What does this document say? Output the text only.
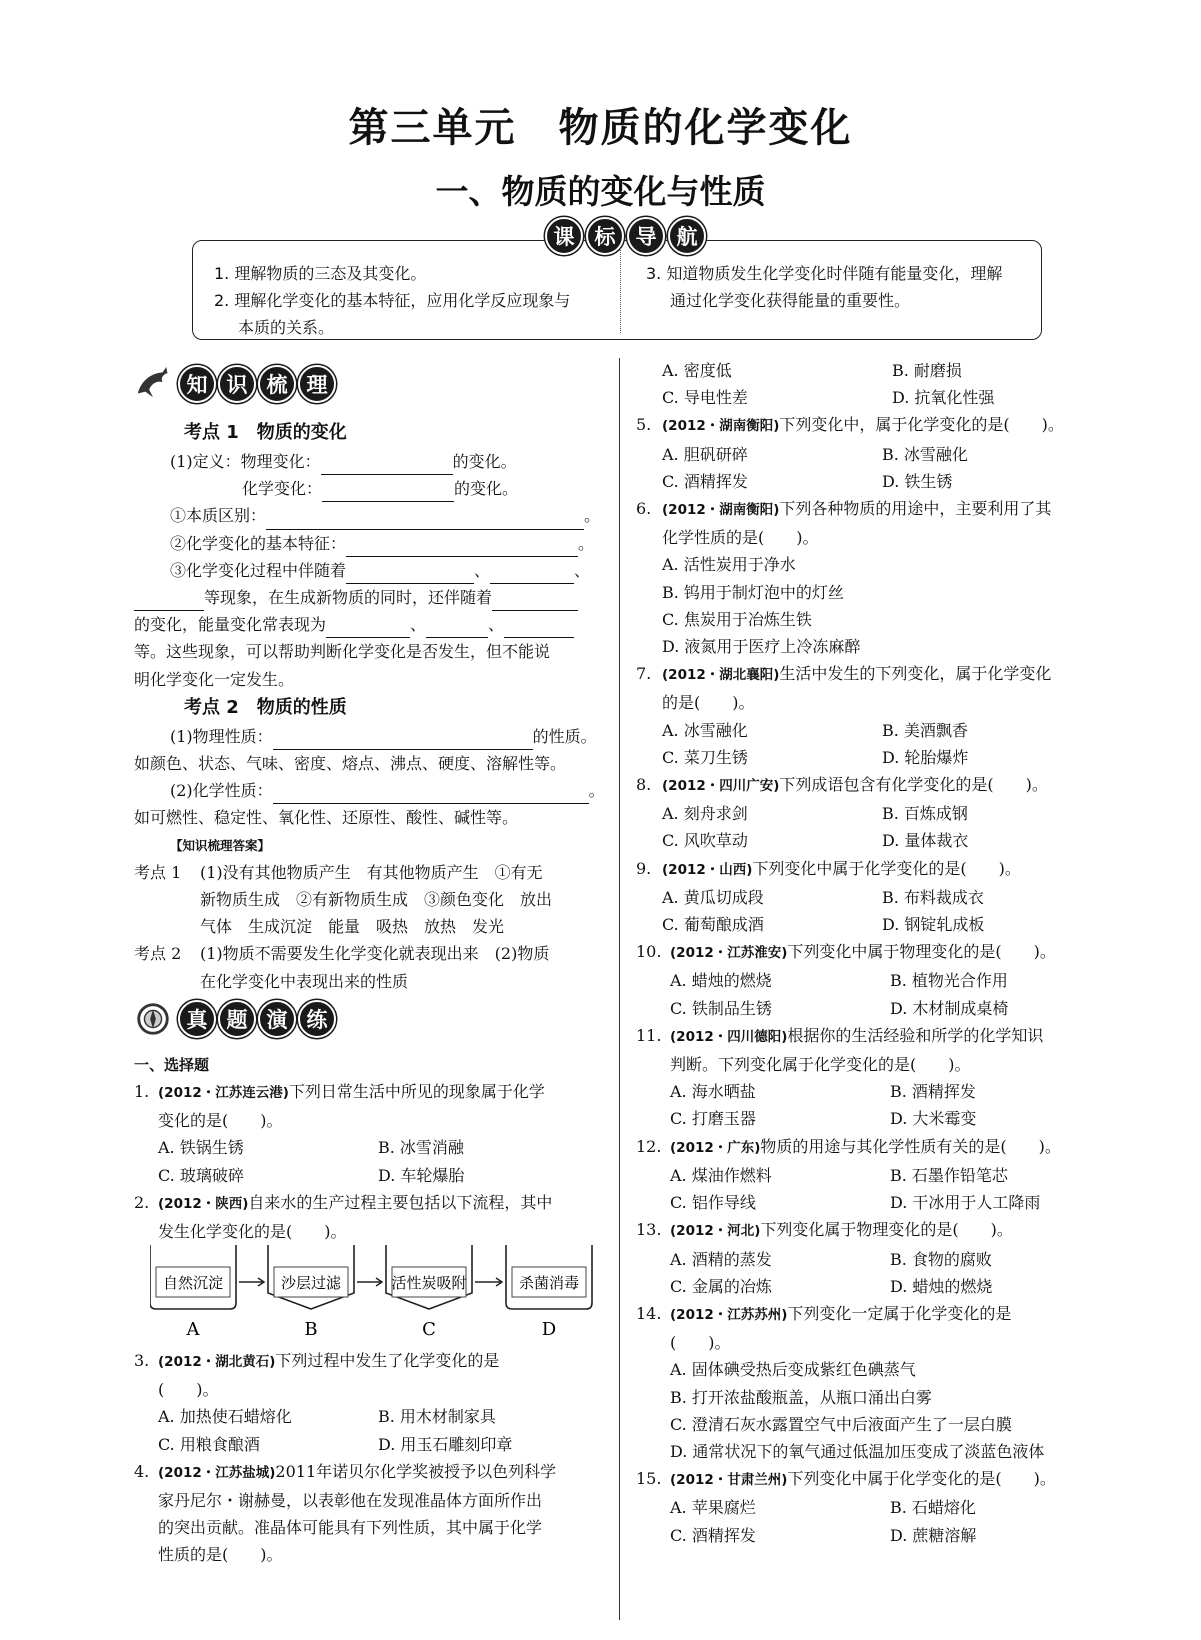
第三单元　物质的化学变化
一、物质的变化与性质
课 标 导 航

1. 理解物质的三态及其变化。

2. 理解化学变化的基本特征，应用化学反应现象与

本质的关系。

3. 知道物质发生化学变化时伴随有能量变化，理解

通过化学变化获得能量的重要性。

知 识 梳 理

考点 1　物质的变化

(1)定义：物理变化：	的变化。

化学变化：	的变化。

①本质区别：	。

②化学变化的基本特征：	。

③化学变化过程中伴随着	、	、

等现象，在生成新物质的同时，还伴随着

的变化，能量变化常表现为	、	、

等。这些现象，可以帮助判断化学变化是否发生，但不能说

明化学变化一定发生。

考点 2　物质的性质

(1)物理性质：	的性质。

如颜色、状态、气味、密度、熔点、沸点、硬度、溶解性等。

(2)化学性质：	。

如可燃性、稳定性、氧化性、还原性、酸性、碱性等。

【知识梳理答案】

考点 1 (1)没有其他物质产生　有其他物质产生　①有无

新物质生成　②有新物质生成　③颜色变化　放出

气体　生成沉淀　能量　吸热　放热　发光

考点 2 (1)物质不需要发生化学变化就表现出来　(2)物质

在化学变化中表现出来的性质

真 题 演 练
一、选择题

1. (2012・江苏连云港)下列日常生活中所见的现象属于化学

变化的是(　　)。

A. 铁锅生锈	B. 冰雪消融

C. 玻璃破碎	D. 车轮爆胎

2. (2012・陕西)自来水的生产过程主要包括以下流程，其中

发生化学变化的是(　　)。

自然沉淀
A
沙层过滤
B
活性炭吸附
C
杀菌消毒
D

3. (2012・湖北黄石)下列过程中发生了化学变化的是

(　　)。

A. 加热使石蜡熔化	B. 用木材制家具

C. 用粮食酿酒	D. 用玉石雕刻印章

4. (2012・江苏盐城)2011年诺贝尔化学奖被授予以色列科学

家丹尼尔・谢赫曼，以表彰他在发现准晶体方面所作出

的突出贡献。准晶体可能具有下列性质，其中属于化学

性质的是(　　)。

A. 密度低	B. 耐磨损

C. 导电性差	D. 抗氧化性强

5. (2012・湖南衡阳)下列变化中，属于化学变化的是(　　)。

A. 胆矾研碎	B. 冰雪融化

C. 酒精挥发	D. 铁生锈

6. (2012・湖南衡阳)下列各种物质的用途中，主要利用了其

化学性质的是(　　)。

A. 活性炭用于净水

B. 钨用于制灯泡中的灯丝

C. 焦炭用于冶炼生铁

D. 液氮用于医疗上冷冻麻醉

7. (2012・湖北襄阳)生活中发生的下列变化，属于化学变化

的是(　　)。

A. 冰雪融化	B. 美酒飘香

C. 菜刀生锈	D. 轮胎爆炸

8. (2012・四川广安)下列成语包含有化学变化的是(　　)。

A. 刻舟求剑	B. 百炼成钢

C. 风吹草动	D. 量体裁衣

9. (2012・山西)下列变化中属于化学变化的是(　　)。

A. 黄瓜切成段	B. 布料裁成衣

C. 葡萄酿成酒	D. 钢锭轧成板

10. (2012・江苏淮安)下列变化中属于物理变化的是(　　)。

A. 蜡烛的燃烧	B. 植物光合作用

C. 铁制品生锈	D. 木材制成桌椅

11. (2012・四川德阳)根据你的生活经验和所学的化学知识

判断。下列变化属于化学变化的是(　　)。

A. 海水晒盐	B. 酒精挥发

C. 打磨玉器	D. 大米霉变

12. (2012・广东)物质的用途与其化学性质有关的是(　　)。

A. 煤油作燃料	B. 石墨作铅笔芯

C. 铝作导线	D. 干冰用于人工降雨

13. (2012・河北)下列变化属于物理变化的是(　　)。

A. 酒精的蒸发	B. 食物的腐败

C. 金属的冶炼	D. 蜡烛的燃烧

14. (2012・江苏苏州)下列变化一定属于化学变化的是

(　　)。

A. 固体碘受热后变成紫红色碘蒸气

B. 打开浓盐酸瓶盖，从瓶口涌出白雾

C. 澄清石灰水露置空气中后液面产生了一层白膜

D. 通常状况下的氧气通过低温加压变成了淡蓝色液体

15. (2012・甘肃兰州)下列变化中属于化学变化的是(　　)。

A. 苹果腐烂	B. 石蜡熔化

C. 酒精挥发	D. 蔗糖溶解
